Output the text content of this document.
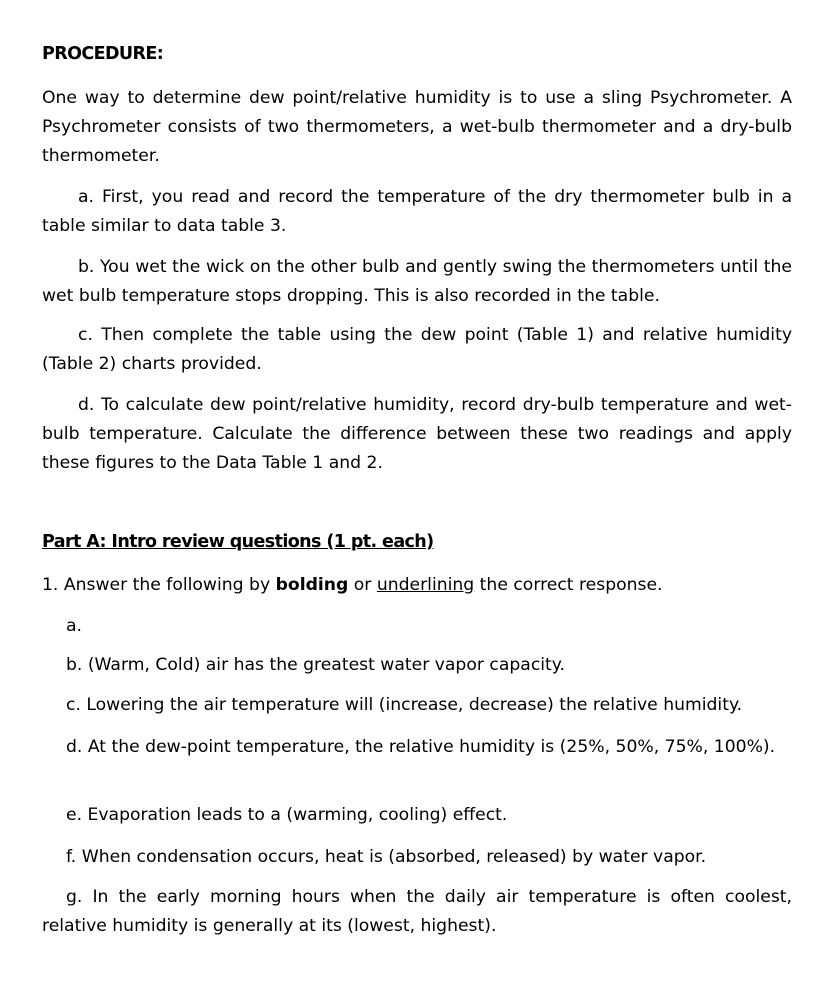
PROCEDURE:

One way to determine dew point/relative humidity is to use a sling Psychrometer. A Psychrometer consists of two thermometers, a wet-bulb thermometer and a dry-bulb thermometer.

a. First, you read and record the temperature of the dry thermometer bulb in a table similar to data table 3.

b. You wet the wick on the other bulb and gently swing the thermometers until the wet bulb temperature stops dropping. This is also recorded in the table.

c. Then complete the table using the dew point (Table 1) and relative humidity (Table 2) charts provided.

d. To calculate dew point/relative humidity, record dry-bulb temperature and wet-bulb temperature. Calculate the difference between these two readings and apply these figures to the Data Table 1 and 2.

Part A: Intro review questions (1 pt. each)

1. Answer the following by bolding or underlining the correct response.

a.

b. (Warm, Cold) air has the greatest water vapor capacity.

c. Lowering the air temperature will (increase, decrease) the relative humidity.

d. At the dew-point temperature, the relative humidity is (25%, 50%, 75%, 100%).

e. Evaporation leads to a (warming, cooling) effect.

f. When condensation occurs, heat is (absorbed, released) by water vapor.

g. In the early morning hours when the daily air temperature is often coolest, relative humidity is generally at its (lowest, highest).
